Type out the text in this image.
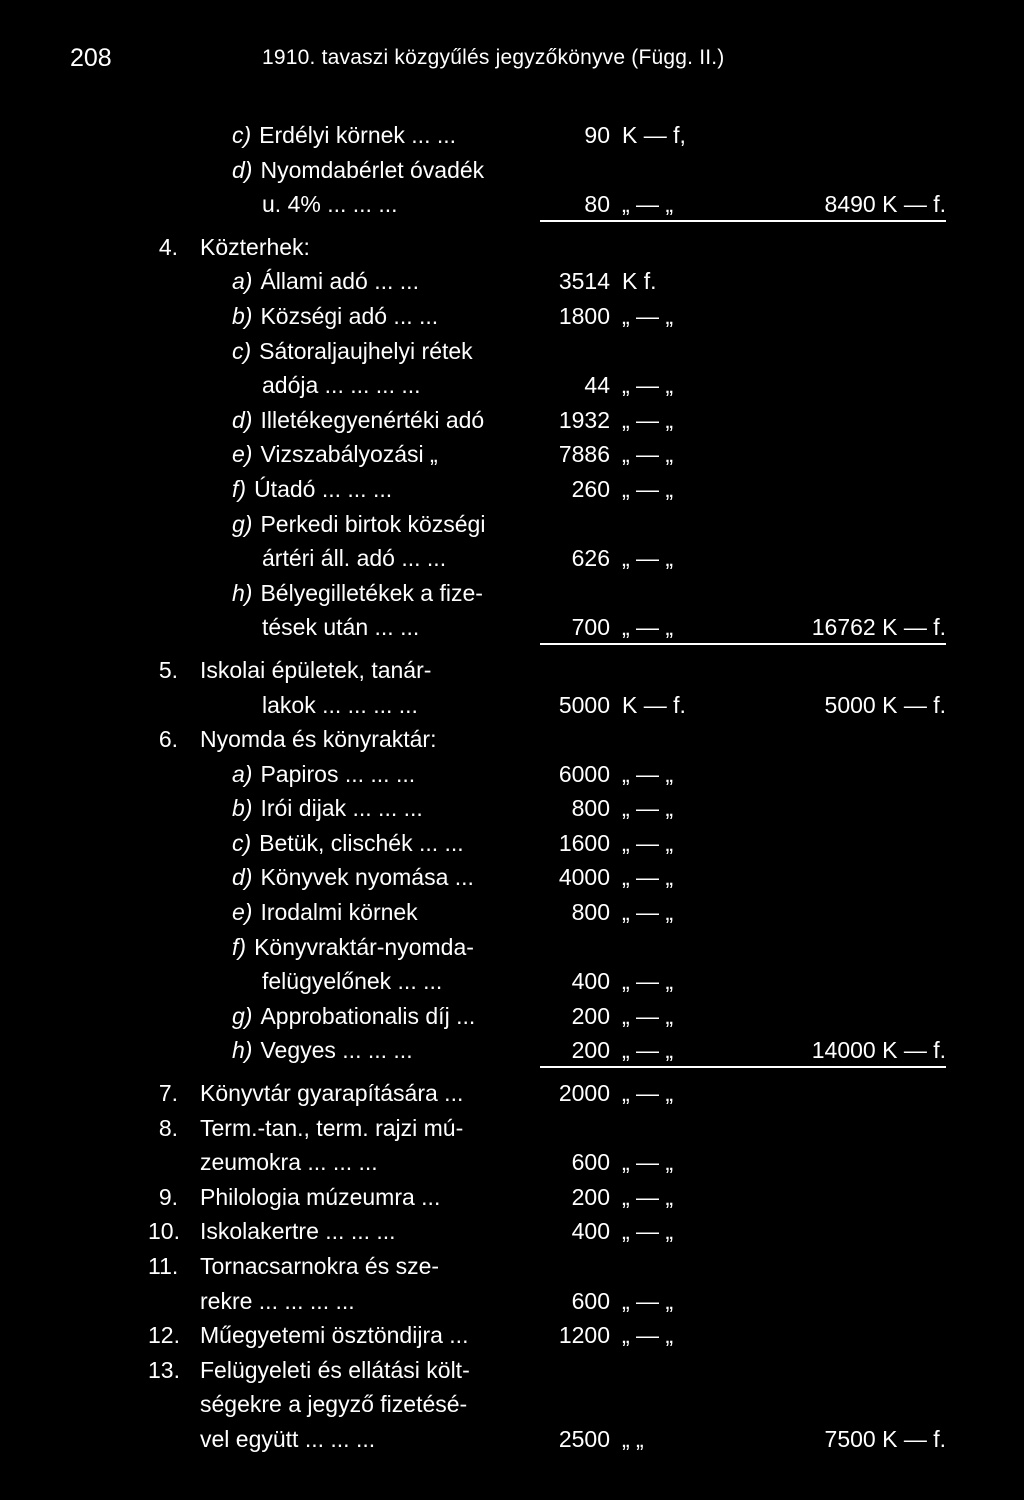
208	1910. tavaszi közgyűlés jegyzőkönyve (Függ. II.)
c) Erdélyi körnek ... ...	90 K — f,
d) Nyomdabérlet óvadék
u. 4% ... ... ...	80 „ — „	8490 K — f.
4. Közterhek:
a) Állami adó ... ...	3514 K f.
b) Községi adó ... ...	1800 „ — „
c) Sátoraljaujhelyi rétek
adója ... ... ... ...	44 „ — „
d) Illetékegyenértéki adó	1932 „ — „
e) Vizszabályozási „	7886 „ — „
f) Útadó ... ... ...	260 „ — „
g) Perkedi birtok községi
ártéri áll. adó ... ...	626 „ — „
h) Bélyegilletékek a fize-
tések után ... ...	700 „ — „	16762 K — f.
5. Iskolai épületek, tanár-
lakok ... ... ... ...	5000 K — f.	5000 K — f.
6. Nyomda és könyraktár:
a) Papiros ... ... ...	6000 „ — „
b) Irói dijak ... ... ...	800 „ — „
c) Betük, clischék ... ...	1600 „ — „
d) Könyvek nyomása ...	4000 „ — „
e) Irodalmi körnek	800 „ — „
f) Könyvraktár-nyomda-
felügyelőnek ... ...	400 „ — „
g) Approbationalis díj ...	200 „ — „
h) Vegyes ... ... ...	200 „ — „	14000 K — f.
7. Könyvtár gyarapítására ...	2000 „ — „
8. Term.-tan., term. rajzi mú-
zeumokra ... ... ...	600 „ — „
9. Philologia múzeumra ...	200 „ — „
10. Iskolakertre ... ... ...	400 „ — „
11. Tornacsarnokra és sze-
rekre ... ... ... ...	600 „ — „
12. Műegyetemi ösztöndijra ...	1200 „ — „
13. Felügyeleti és ellátási költ-
ségekre a jegyző fizetésé-
vel együtt ... ... ...	2500 „ „	7500 K — f.
